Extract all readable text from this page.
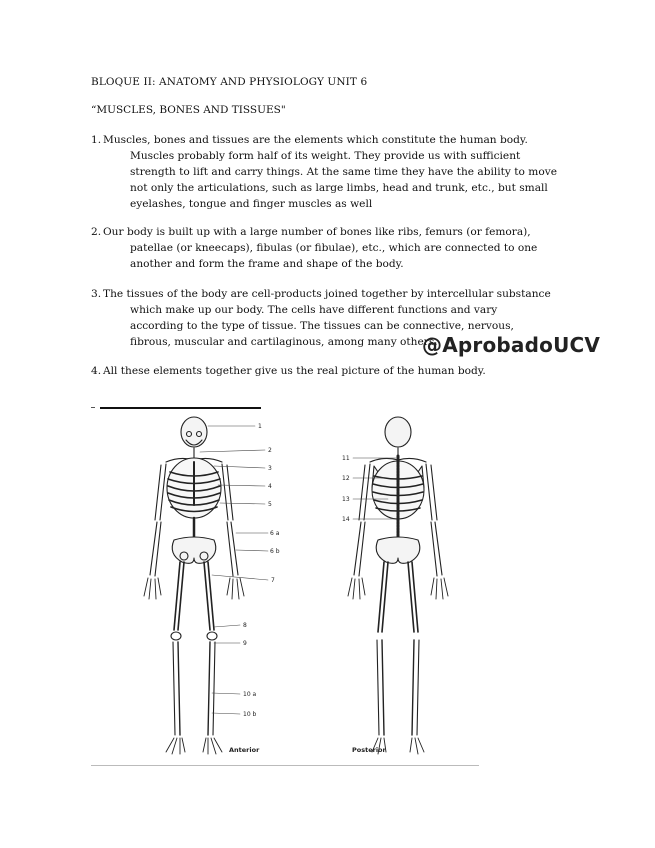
BLOQUE II: ANATOMY AND PHYSIOLOGY UNIT 6
“MUSCLES, BONES AND TISSUES"
1. Muscles, bones and tissues are the elements which constitute the human body.
Muscles probably form half of its weight. They provide us with sufficient strength to lift and carry things. At the same time they have the ability to move not only the articulations, such as large limbs, head and trunk, etc., but small eyelashes, tongue and finger muscles as well
2. Our body is built up with a large number of bones like ribs, femurs (or femora),
patellae (or kneecaps), fibulas (or fibulae), etc., which are connected to one another and form the frame and shape of the body.
3. The tissues of the body are cell-products joined together by intercellular substance
which make up our body. The cells have different functions and vary according to the type of tissue. The tissues can be connective, nervous, fibrous, muscular and cartilaginous, among many others.
@AprobadoUCV
4. All these elements together give us the real picture of the human body.
1
2
3
4
5
6 a
6 b
7
8
9
10 a
10 b
Anterior
11
12
13
14
Posterior
